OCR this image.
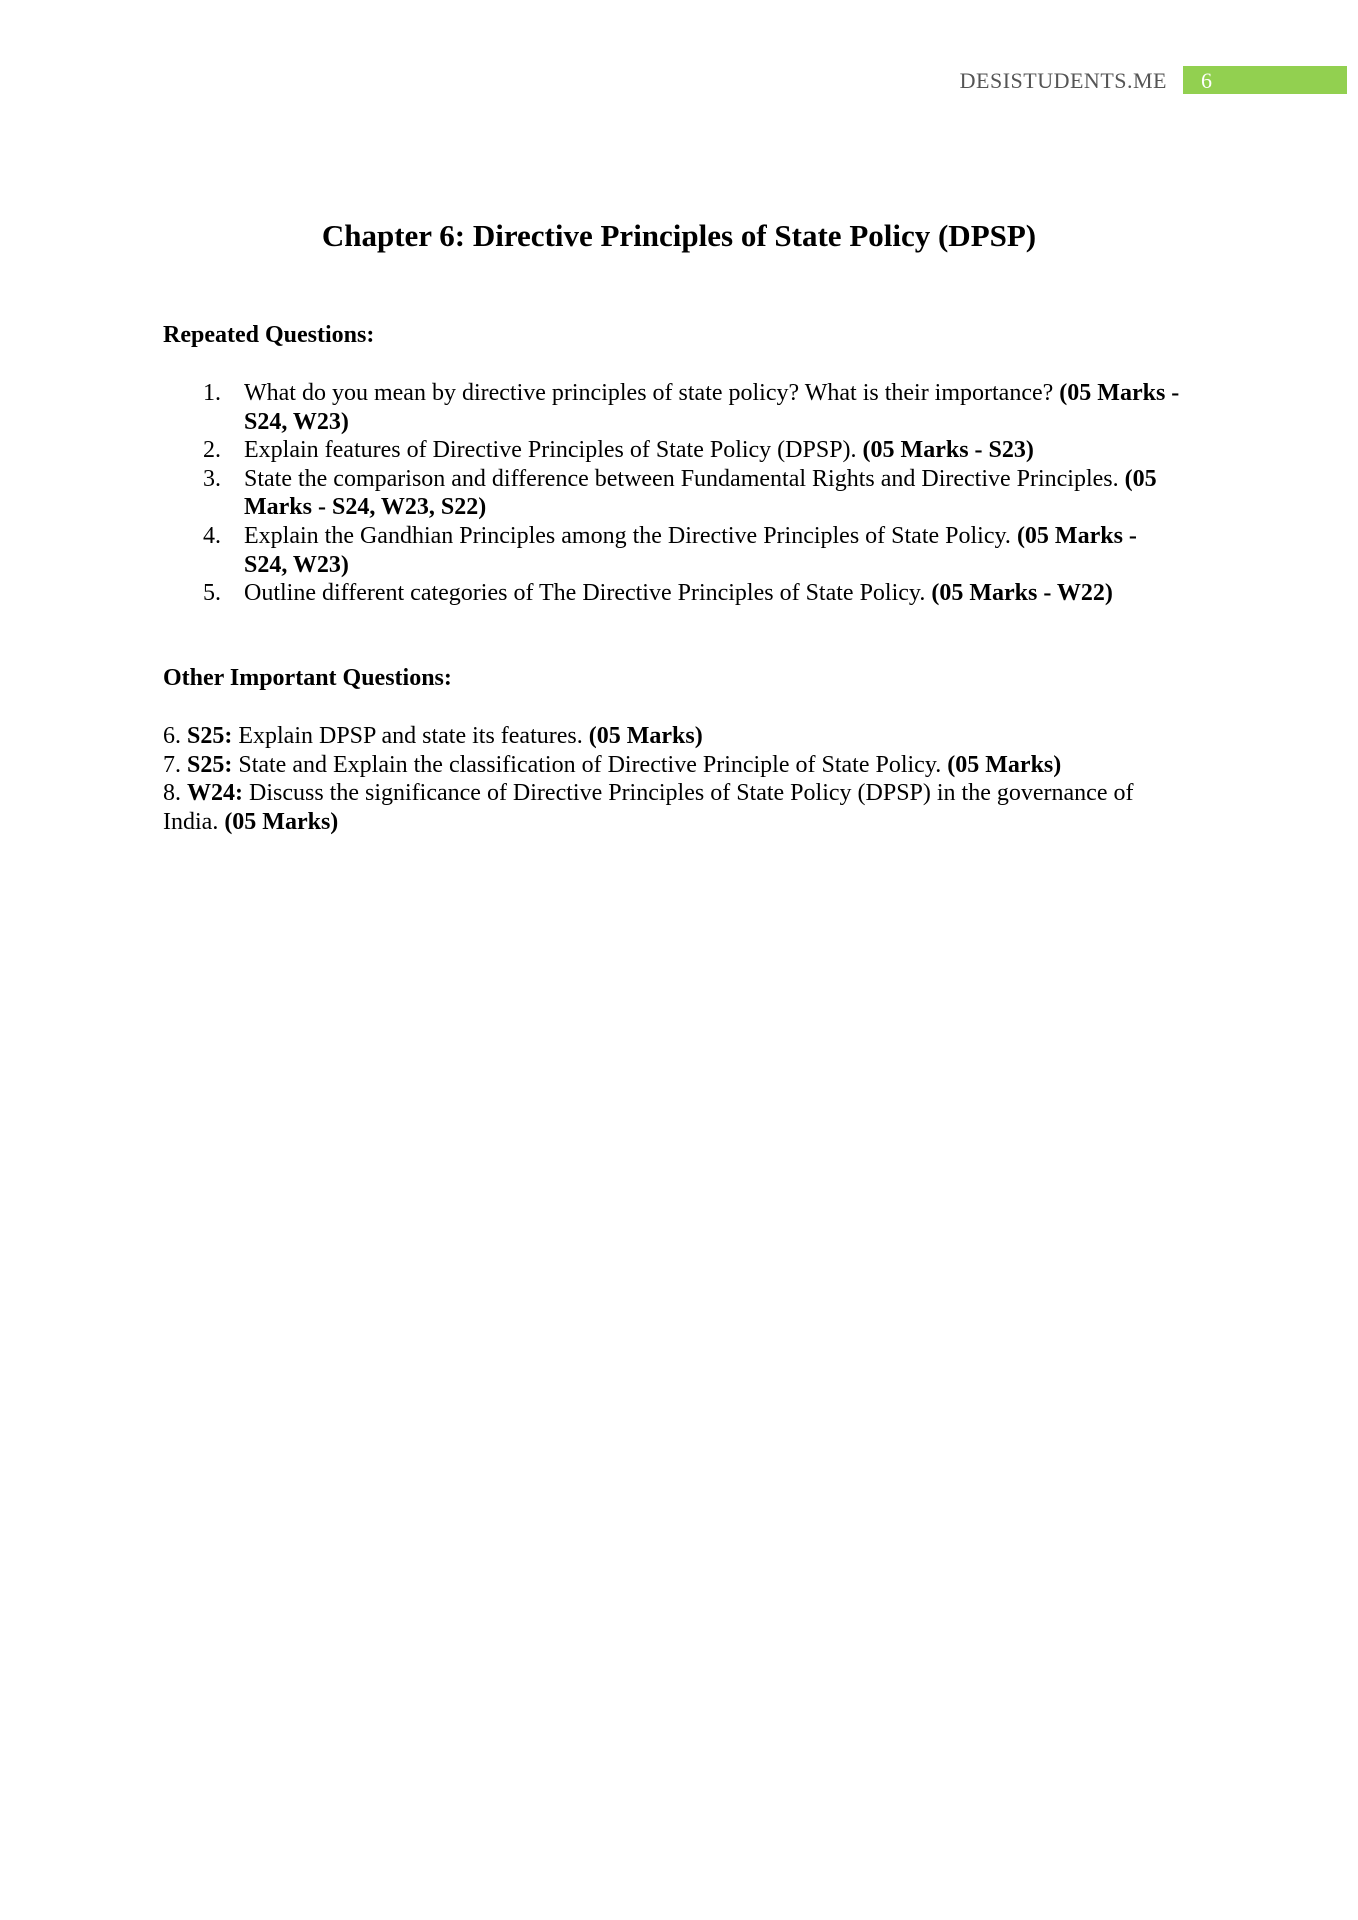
DESISTUDENTS.ME 6
Chapter 6: Directive Principles of State Policy (DPSP)
Repeated Questions:
1. What do you mean by directive principles of state policy? What is their importance? (05 Marks - S24, W23)
2. Explain features of Directive Principles of State Policy (DPSP). (05 Marks - S23)
3. State the comparison and difference between Fundamental Rights and Directive Principles. (05 Marks - S24, W23, S22)
4. Explain the Gandhian Principles among the Directive Principles of State Policy. (05 Marks - S24, W23)
5. Outline different categories of The Directive Principles of State Policy. (05 Marks - W22)
Other Important Questions:
6. S25: Explain DPSP and state its features. (05 Marks)
7. S25: State and Explain the classification of Directive Principle of State Policy. (05 Marks)
8. W24: Discuss the significance of Directive Principles of State Policy (DPSP) in the governance of India. (05 Marks)
